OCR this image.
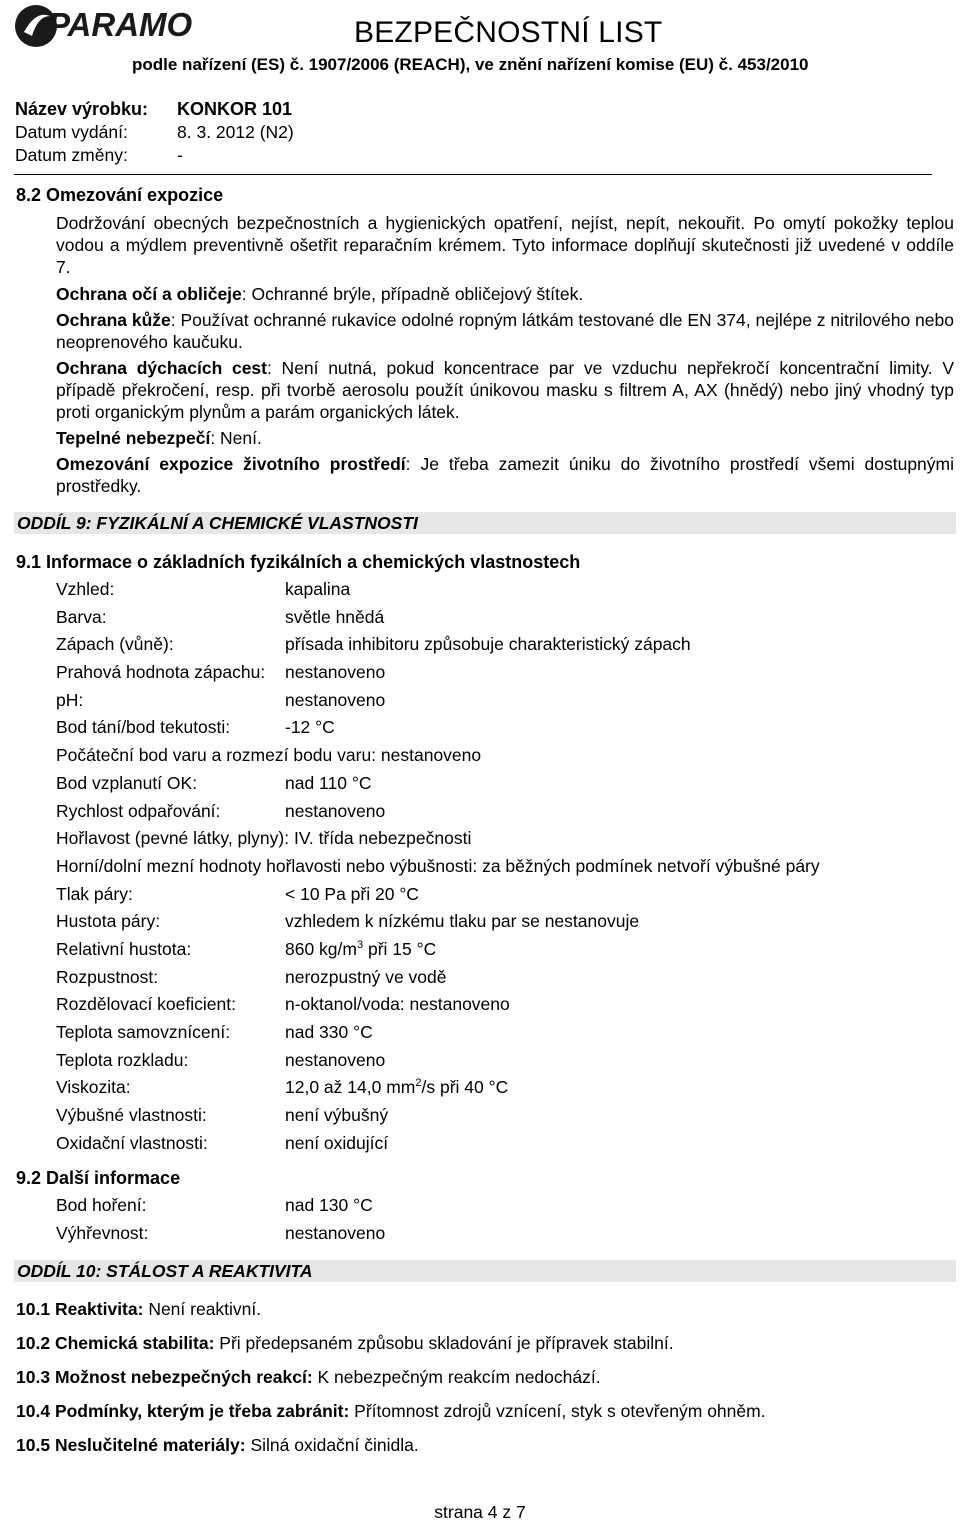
PARAMO	BEZPEČNOSTNÍ LIST
podle nařízení (ES) č. 1907/2006 (REACH), ve znění nařízení komise (EU) č. 453/2010
Název výrobku: KONKOR 101
Datum vydání:	8. 3. 2012 (N2)
Datum změny:	-
8.2 Omezování expozice
Dodržování obecných bezpečnostních a hygienických opatření, nejíst, nepít, nekouřit. Po omytí pokožky teplou vodou a mýdlem preventivně ošetřit reparačním krémem. Tyto informace doplňují skutečnosti již uvedené v oddíle 7.
Ochrana očí a obličeje: Ochranné brýle, případně obličejový štítek.
Ochrana kůže: Používat ochranné rukavice odolné ropným látkám testované dle EN 374, nejlépe z nitrilového nebo neoprenového kaučuku.
Ochrana dýchacích cest: Není nutná, pokud koncentrace par ve vzduchu nepřekročí koncentrační limity. V případě překročení, resp. při tvorbě aerosolu použít únikovou masku s filtrem A, AX (hnědý) nebo jiný vhodný typ proti organickým plynům a parám organických látek.
Tepelné nebezpečí: Není.
Omezování expozice životního prostředí: Je třeba zamezit úniku do životního prostředí všemi dostupnými prostředky.
ODDÍL 9: FYZIKÁLNÍ A CHEMICKÉ VLASTNOSTI
9.1 Informace o základních fyzikálních a chemických vlastnostech
Vzhled:	kapalina
Barva:	světle hnědá
Zápach (vůně):	přísada inhibitoru způsobuje charakteristický zápach
Prahová hodnota zápachu: nestanoveno
pH:	nestanoveno
Bod tání/bod tekutosti:	-12 °C
Počáteční bod varu a rozmezí bodu varu: nestanoveno
Bod vzplanutí OK:	nad 110 °C
Rychlost odpařování:	nestanoveno
Hořlavost (pevné látky, plyny): IV. třída nebezpečnosti
Horní/dolní mezní hodnoty hořlavosti nebo výbušnosti: za běžných podmínek netvoří výbušné páry
Tlak páry:	< 10 Pa při 20 °C
Hustota páry:	vzhledem k nízkému tlaku par se nestanovuje
Relativní hustota:	860 $kg/m^3$ při 15 °C
Rozpustnost:	nerozpustný ve vodě
Rozdělovací koeficient:	n-oktanol/voda: nestanoveno
Teplota samovznícení:	nad 330 °C
Teplota rozkladu:	nestanoveno
Viskozita:	12,0 až 14,0 $mm^2/s$ při 40 °C
Výbušné vlastnosti:	není výbušný
Oxidační vlastnosti:	není oxidující
9.2 Další informace
Bod hoření:	nad 130 °C
Výhřevnost:	nestanoveno
ODDÍL 10: STÁLOST A REAKTIVITA
10.1 Reaktivita: Není reaktivní.
10.2 Chemická stabilita: Při předepsaném způsobu skladování je přípravek stabilní.
10.3 Možnost nebezpečných reakcí: K nebezpečným reakcím nedochází.
10.4 Podmínky, kterým je třeba zabránit: Přítomnost zdrojů vznícení, styk s otevřeným ohněm.
10.5 Neslučitelné materiály: Silná oxidační činidla.
strana 4 z 7
